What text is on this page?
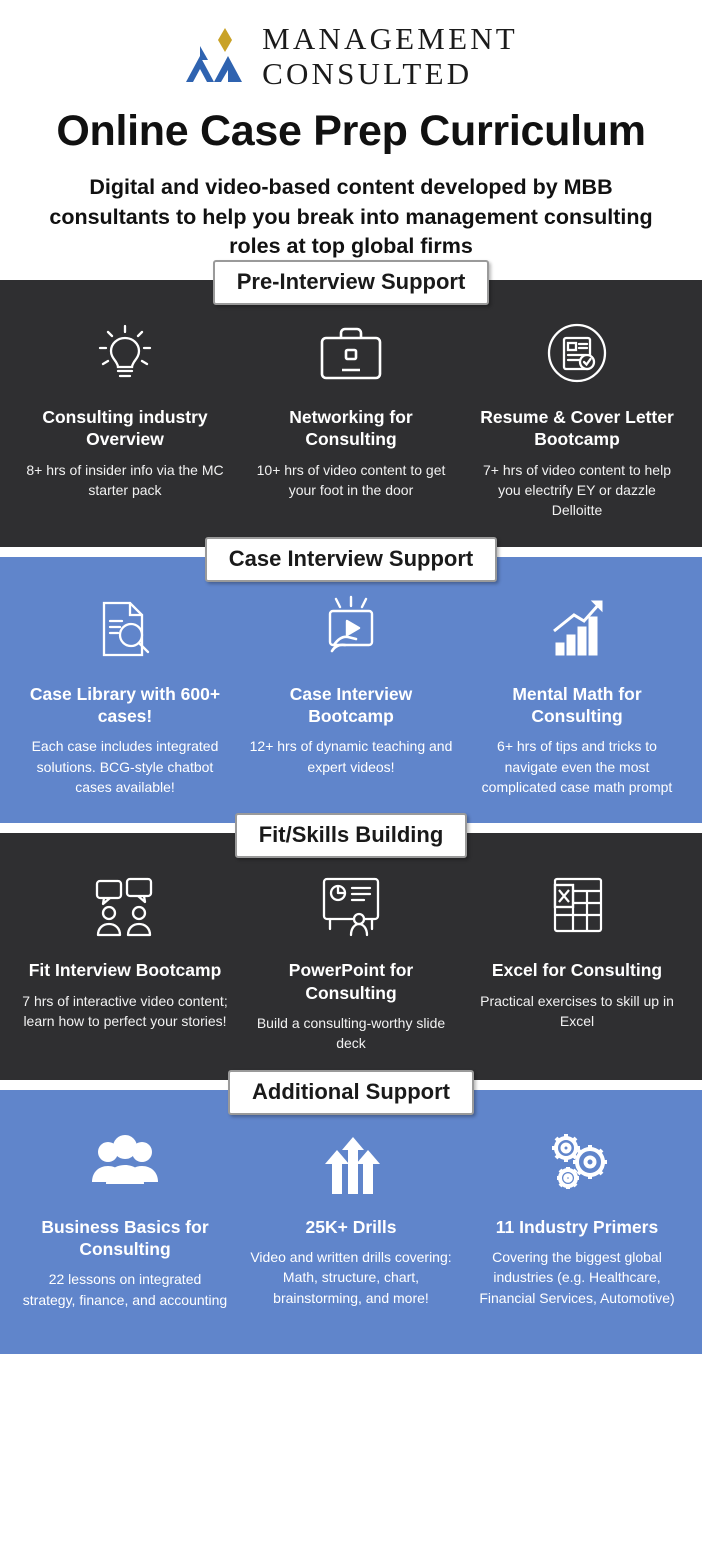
MANAGEMENT
CONSULTED
Online Case Prep Curriculum

Digital and video-based content developed by MBB consultants to help you break into management consulting roles at top global firms

Pre-Interview Support
Consulting industry Overview
8+ hrs of insider info via the MC starter pack
Networking for Consulting
10+ hrs of video content to get your foot in the door
Resume & Cover Letter Bootcamp
7+ hrs of video content to help you electrify EY or dazzle Delloitte
Case Interview Support
Case Library with 600+ cases!
Each case includes integrated solutions. BCG-style chatbot cases available!
Case Interview Bootcamp
12+ hrs of dynamic teaching and expert videos!
Mental Math for Consulting
6+ hrs of tips and tricks to navigate even the most complicated case math prompt
Fit/Skills Building
Fit Interview Bootcamp
7 hrs of interactive video content; learn how to perfect your stories!
PowerPoint for Consulting
Build a consulting-worthy slide deck
Excel for Consulting
Practical exercises to skill up in Excel
Additional Support
Business Basics for Consulting
22 lessons on integrated strategy, finance, and accounting
25K+ Drills
Video and written drills covering: Math, structure, chart, brainstorming, and more!
11 Industry Primers
Covering the biggest global industries (e.g. Healthcare, Financial Services, Automotive)
